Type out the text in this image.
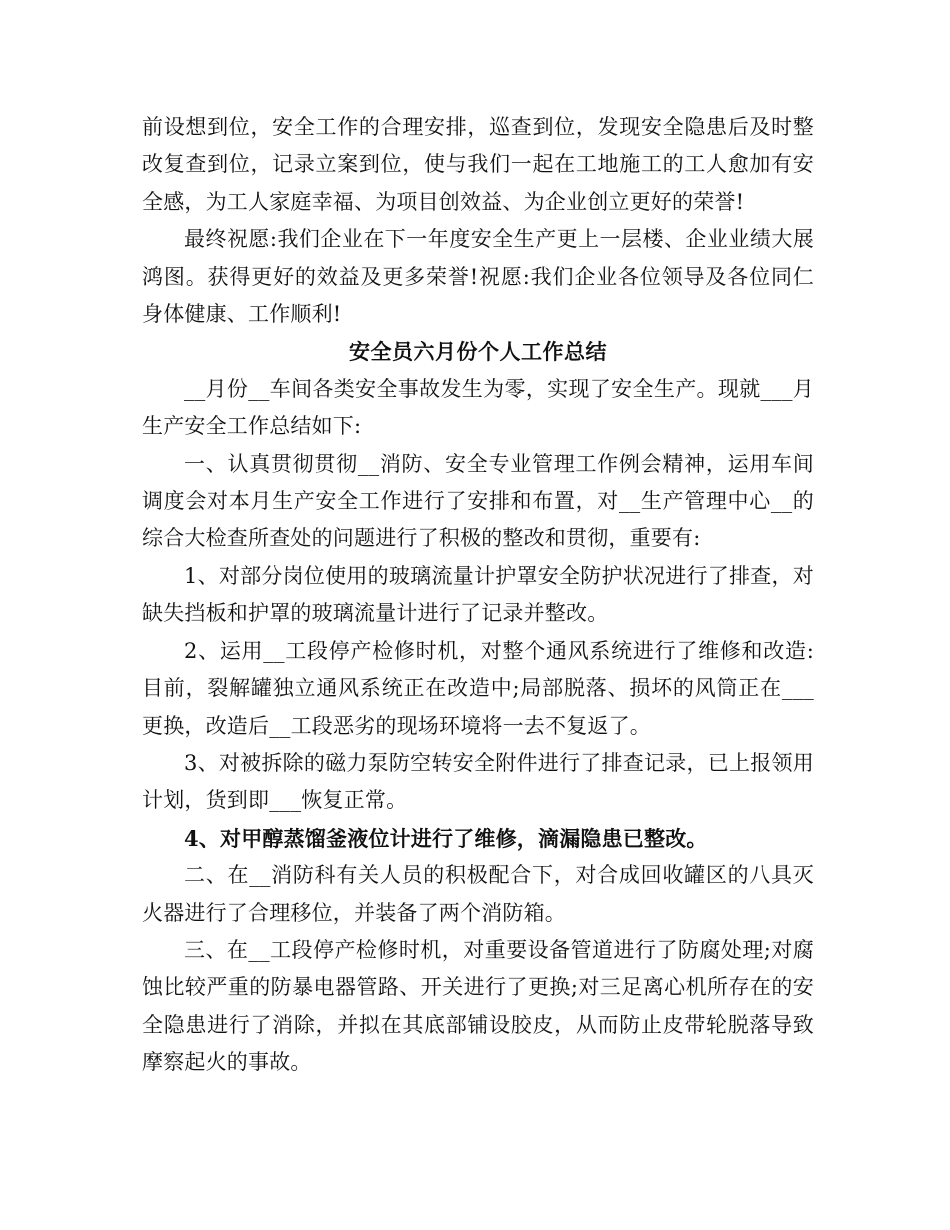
前设想到位，安全工作的合理安排，巡查到位，发现安全隐患后及时整改复查到位，记录立案到位，使与我们一起在工地施工的工人愈加有安全感，为工人家庭幸福、为项目创效益、为企业创立更好的荣誉!

最终祝愿:我们企业在下一年度安全生产更上一层楼、企业业绩大展鸿图。获得更好的效益及更多荣誉!祝愿:我们企业各位领导及各位同仁身体健康、工作顺利!

安全员六月份个人工作总结

__月份__车间各类安全事故发生为零，实现了安全生产。现就___月生产安全工作总结如下:

一、认真贯彻贯彻__消防、安全专业管理工作例会精神，运用车间调度会对本月生产安全工作进行了安排和布置，对__生产管理中心__的综合大检查所查处的问题进行了积极的整改和贯彻，重要有:

1、对部分岗位使用的玻璃流量计护罩安全防护状况进行了排查，对缺失挡板和护罩的玻璃流量计进行了记录并整改。

2、运用__工段停产检修时机，对整个通风系统进行了维修和改造:目前，裂解罐独立通风系统正在改造中;局部脱落、损坏的风筒正在___更换，改造后__工段恶劣的现场环境将一去不复返了。

3、对被拆除的磁力泵防空转安全附件进行了排查记录，已上报领用计划，货到即___恢复正常。

4、对甲醇蒸馏釜液位计进行了维修，滴漏隐患已整改。

二、在__消防科有关人员的积极配合下，对合成回收罐区的八具灭火器进行了合理移位，并装备了两个消防箱。

三、在__工段停产检修时机，对重要设备管道进行了防腐处理;对腐蚀比较严重的防暴电器管路、开关进行了更换;对三足离心机所存在的安全隐患进行了消除，并拟在其底部铺设胶皮，从而防止皮带轮脱落导致摩察起火的事故。
